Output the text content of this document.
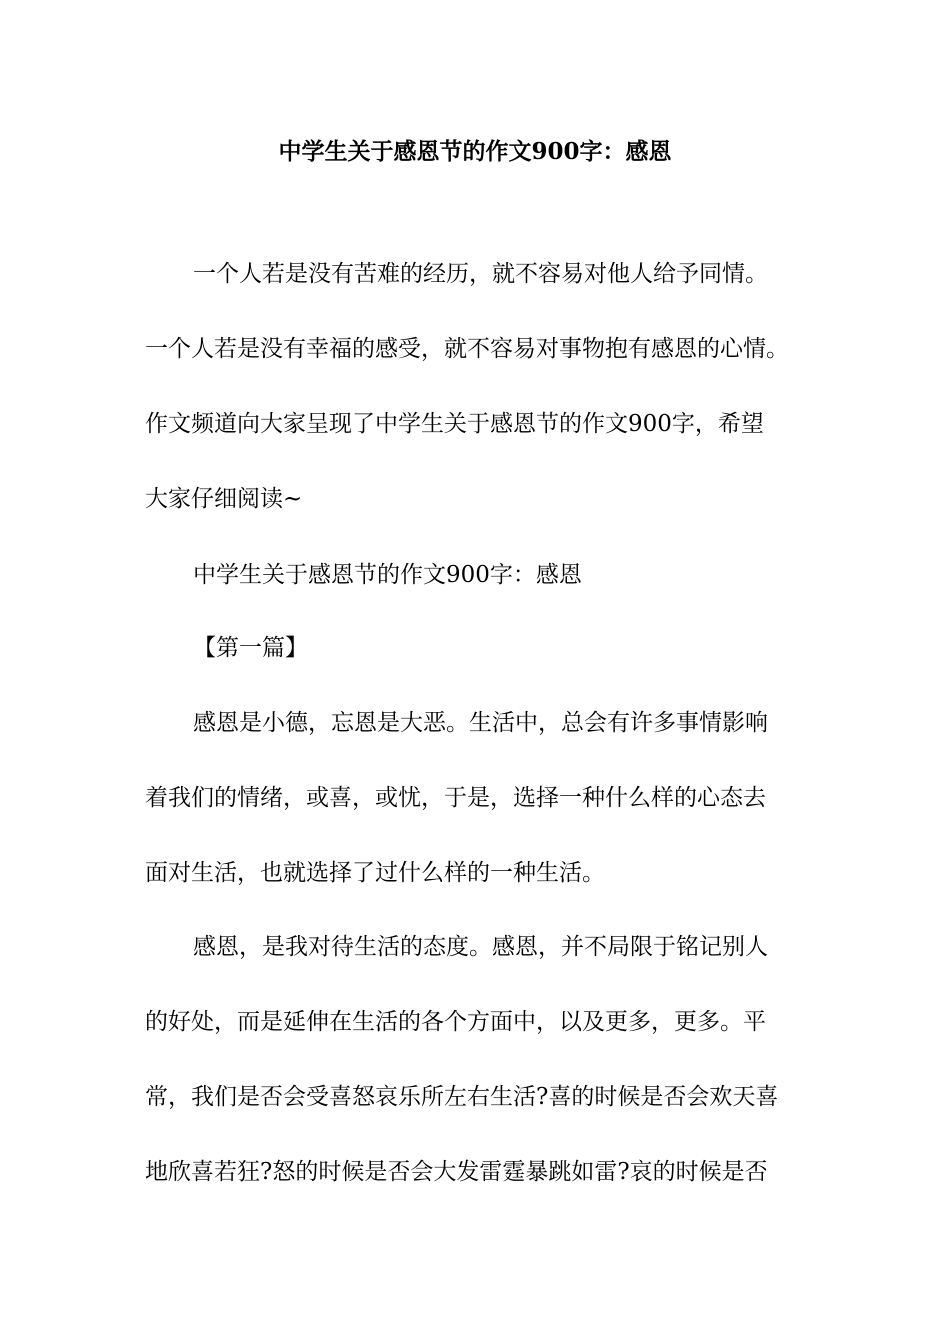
中学生关于感恩节的作文900字：感恩
一个人若是没有苦难的经历，就不容易对他人给予同情。
一个人若是没有幸福的感受，就不容易对事物抱有感恩的心情。
作文频道向大家呈现了中学生关于感恩节的作文900字，希望
大家仔细阅读~
中学生关于感恩节的作文900字：感恩
【第一篇】
感恩是小德，忘恩是大恶。生活中，总会有许多事情影响
着我们的情绪，或喜，或忧，于是，选择一种什么样的心态去
面对生活，也就选择了过什么样的一种生活。
感恩，是我对待生活的态度。感恩，并不局限于铭记别人
的好处，而是延伸在生活的各个方面中，以及更多，更多。平
常，我们是否会受喜怒哀乐所左右生活?喜的时候是否会欢天喜
地欣喜若狂?怒的时候是否会大发雷霆暴跳如雷?哀的时候是否
